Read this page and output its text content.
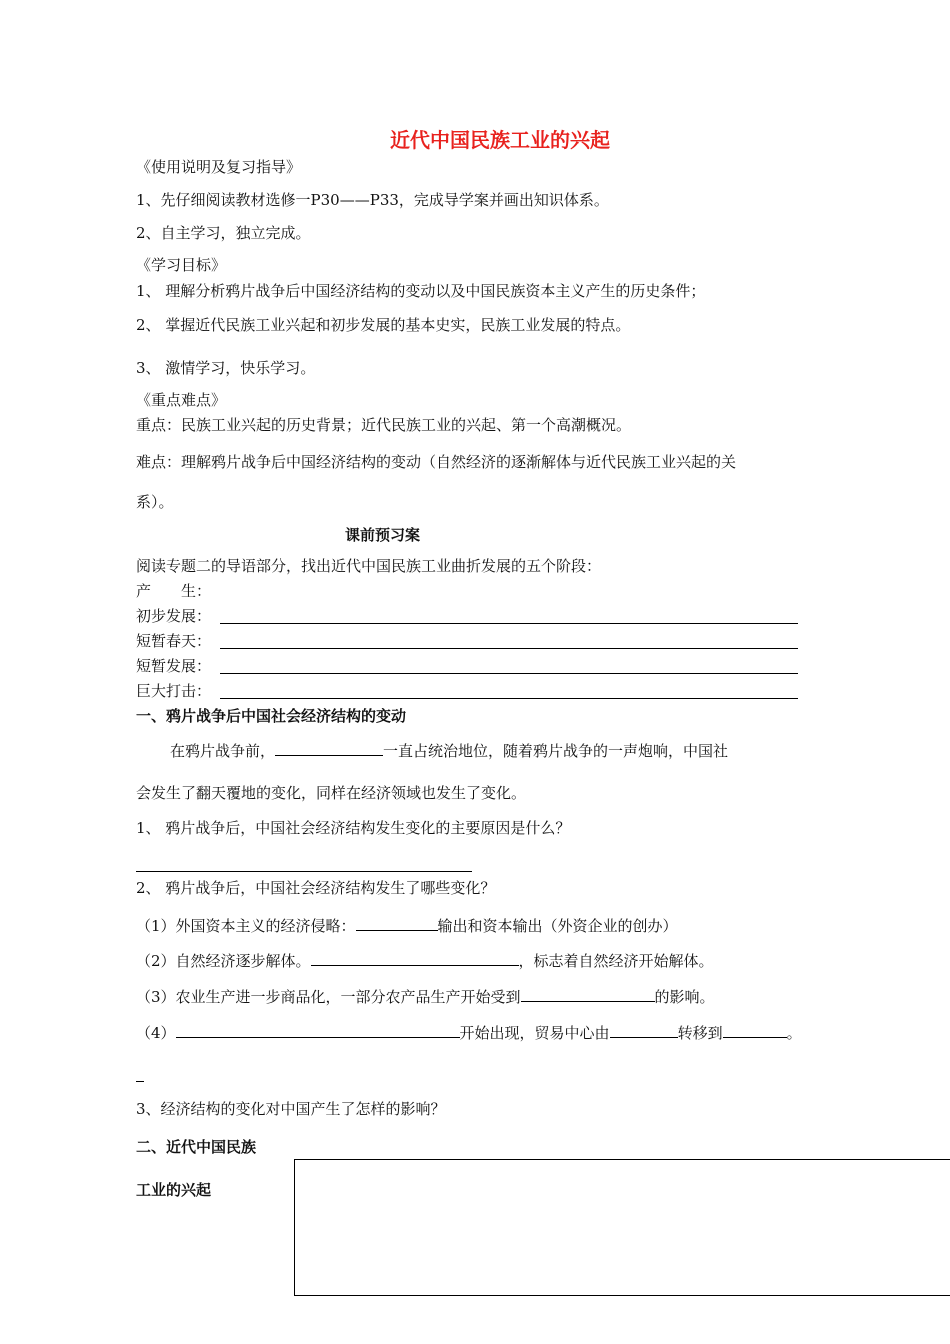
近代中国民族工业的兴起
《使用说明及复习指导》
1、先仔细阅读教材选修一P30——P33，完成导学案并画出知识体系。
2、自主学习，独立完成。
《学习目标》
1、 理解分析鸦片战争后中国经济结构的变动以及中国民族资本主义产生的历史条件；
2、 掌握近代民族工业兴起和初步发展的基本史实，民族工业发展的特点。
3、 激情学习，快乐学习。
《重点难点》
重点：民族工业兴起的历史背景；近代民族工业的兴起、第一个高潮概况。
难点：理解鸦片战争后中国经济结构的变动（自然经济的逐渐解体与近代民族工业兴起的关
系）。
课前预习案
阅读专题二的导语部分，找出近代中国民族工业曲折发展的五个阶段：
产　　生：
初步发展：
短暂春天：
短暂发展：
巨大打击：
一、鸦片战争后中国社会经济结构的变动
在鸦片战争前，	一直占统治地位，随着鸦片战争的一声炮响，中国社
会发生了翻天覆地的变化，同样在经济领域也发生了变化。
1、 鸦片战争后，中国社会经济结构发生变化的主要原因是什么？
2、 鸦片战争后，中国社会经济结构发生了哪些变化？
（1）外国资本主义的经济侵略：	输出和资本输出（外资企业的创办）
（2）自然经济逐步解体。	，标志着自然经济开始解体。
（3）农业生产进一步商品化，一部分农产品生产开始受到	的影响。
（4）	开始出现，贸易中心由	转移到	。
3、经济结构的变化对中国产生了怎样的影响？
二、近代中国民族
工业的兴起
